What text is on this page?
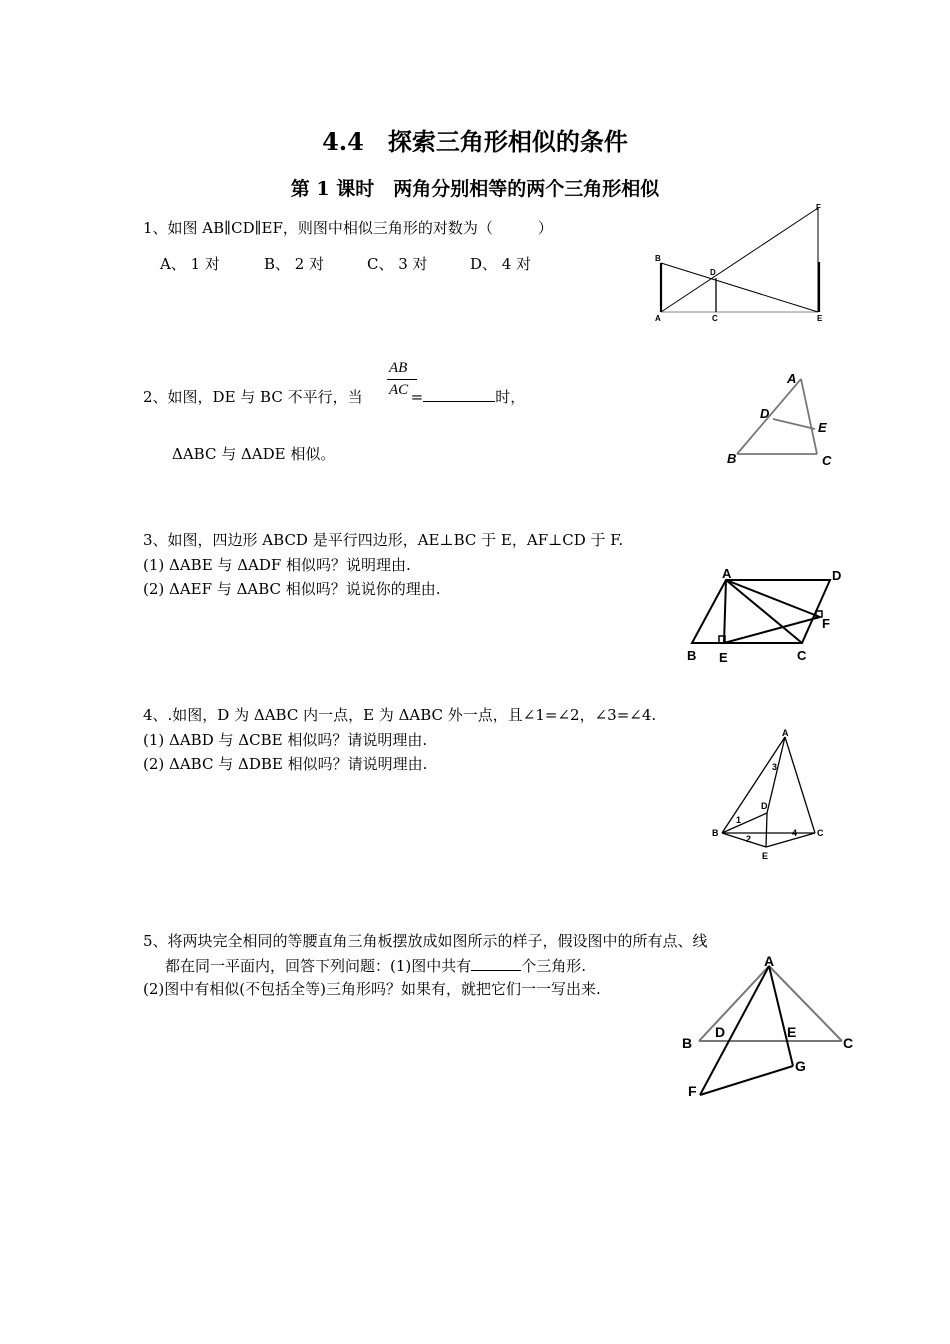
4.4　探索三角形相似的条件
第 1 课时　两角分别相等的两个三角形相似
1、如图 AB∥CD∥EF，则图中相似三角形的对数为（　　　）
A、 1 对	B、 2 对	C、 3 对	D、 4 对	B
A
D
C
F
E
2、如图，DE 与 BC 不平行，当	=	时，
AB
AC
ΔABC 与 ΔADE 相似。
A
D
E
B	C
3、如图，四边形 ABCD 是平行四边形，AE⊥BC 于 E，AF⊥CD 于 F.
(1) ΔABE 与 ΔADF 相似吗？说明理由.
(2) ΔAEF 与 ΔABC 相似吗？说说你的理由.
A	D
F
B E	C
4、.如图，D 为 ΔABC 内一点，E 为 ΔABC 外一点，且∠1=∠2，∠3=∠4.
(1) ΔABD 与 ΔCBE 相似吗？请说明理由.
(2) ΔABC 与 ΔDBE 相似吗？请说明理由.
A
D
B	C
E
3
1
2
4
5、将两块完全相同的等腰直角三角板摆放成如图所示的样子，假设图中的所有点、线
都在同一平面内，回答下列问题：(1)图中共有	个三角形.
(2)图中有相似(不包括全等)三角形吗？如果有，就把它们一一写出来.
A
B
D	E
C
G
F
